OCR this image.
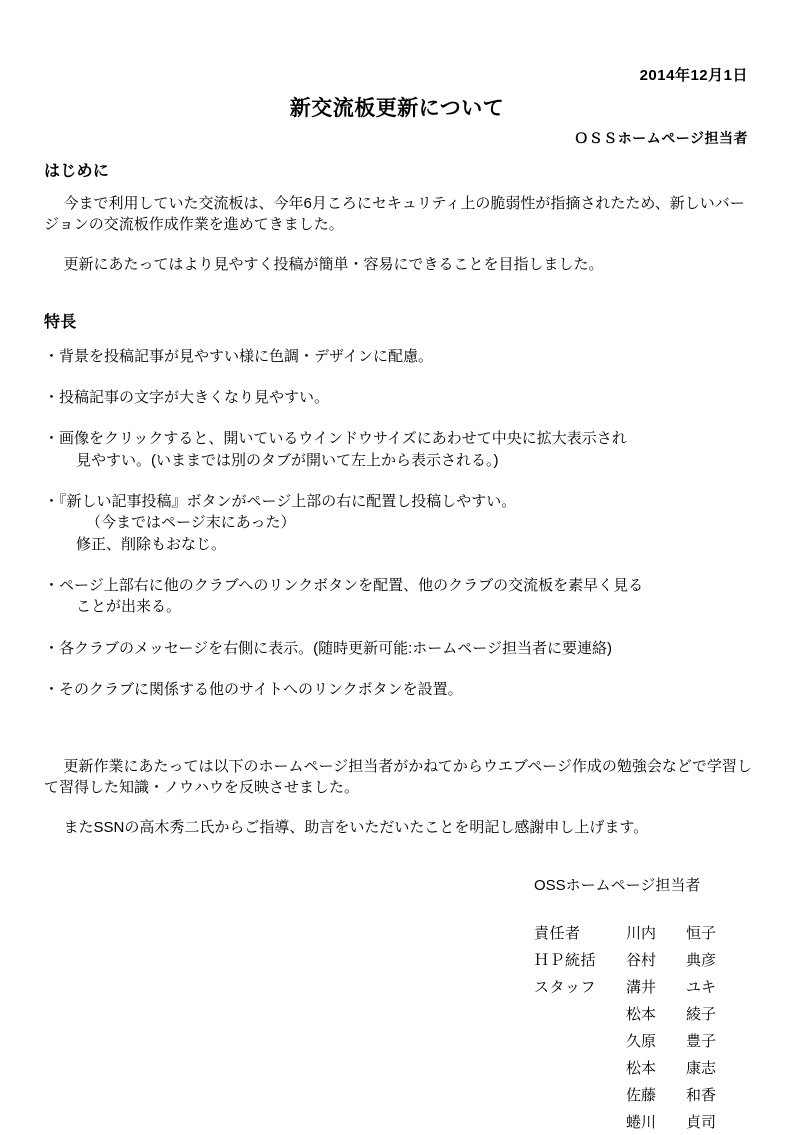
2014年12月1日
新交流板更新について
ＯＳＳホームページ担当者
はじめに

今まで利用していた交流板は、今年6月ころにセキュリティ上の脆弱性が指摘されたため、新しいバージョンの交流板作成作業を進めてきました。

更新にあたってはより見やすく投稿が簡単・容易にできることを目指しました。

特長
・背景を投稿記事が見やすい様に色調・デザインに配慮。
・投稿記事の文字が大きくなり見やすい。
・画像をクリックすると、開いているウインドウサイズにあわせて中央に拡大表示され
見やすい。(いままでは別のタブが開いて左上から表示される。)
・『新しい記事投稿』ボタンがページ上部の右に配置し投稿しやすい。
（今まではページ末にあった）
修正、削除もおなじ。
・ページ上部右に他のクラブへのリンクボタンを配置、他のクラブの交流板を素早く見る
ことが出来る。
・各クラブのメッセージを右側に表示。(随時更新可能:ホームページ担当者に要連絡)
・そのクラブに関係する他のサイトへのリンクボタンを設置。

更新作業にあたっては以下のホームページ担当者がかねてからウエブページ作成の勉強会などで学習して習得した知識・ノウハウを反映させました。

またSSNの高木秀二氏からご指導、助言をいただいたことを明記し感謝申し上げます。

OSSホームページ担当者
責任者	川内	恒子
ＨＰ統括	谷村	典彦
スタッフ	溝井	ユキ
	松本	綾子
	久原	豊子
	松本	康志
	佐藤	和香
	蜷川	貞司
